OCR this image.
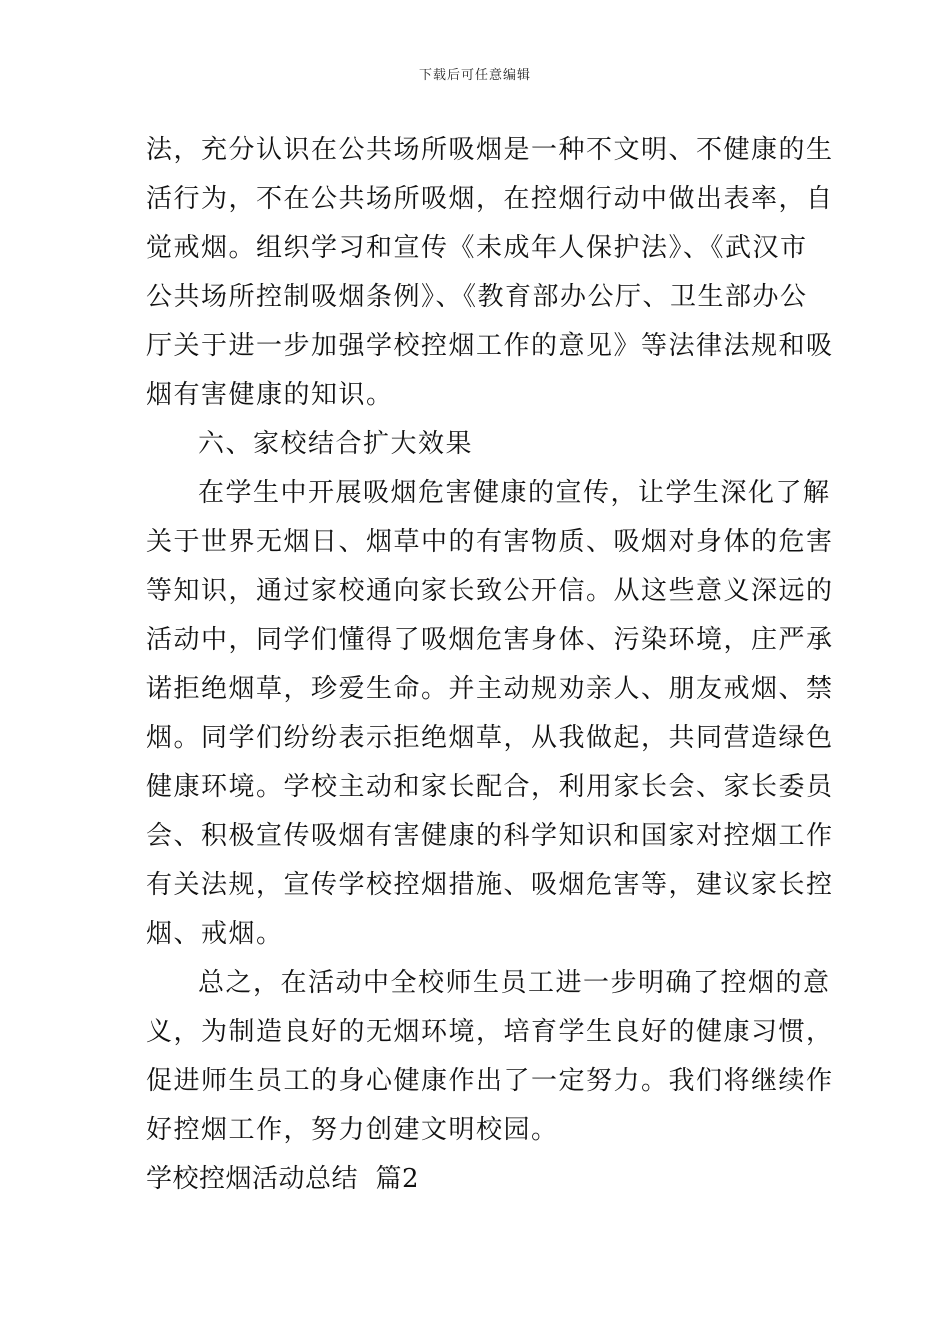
下载后可任意编辑
法，充分认识在公共场所吸烟是一种不文明、不健康的生
活行为，不在公共场所吸烟，在控烟行动中做出表率，自
觉戒烟。组织学习和宣传《未成年人保护法》、《武汉市
公共场所控制吸烟条例》、《教育部办公厅、卫生部办公
厅关于进一步加强学校控烟工作的意见》等法律法规和吸
烟有害健康的知识。
六、家校结合扩大效果
在学生中开展吸烟危害健康的宣传，让学生深化了解
关于世界无烟日、烟草中的有害物质、吸烟对身体的危害
等知识，通过家校通向家长致公开信。从这些意义深远的
活动中，同学们懂得了吸烟危害身体、污染环境，庄严承
诺拒绝烟草，珍爱生命。并主动规劝亲人、朋友戒烟、禁
烟。同学们纷纷表示拒绝烟草，从我做起，共同营造绿色
健康环境。学校主动和家长配合，利用家长会、家长委员
会、积极宣传吸烟有害健康的科学知识和国家对控烟工作
有关法规，宣传学校控烟措施、吸烟危害等，建议家长控
烟、戒烟。
总之，在活动中全校师生员工进一步明确了控烟的意
义，为制造良好的无烟环境，培育学生良好的健康习惯，
促进师生员工的身心健康作出了一定努力。我们将继续作
好控烟工作，努力创建文明校园。
学校控烟活动总结  篇2
